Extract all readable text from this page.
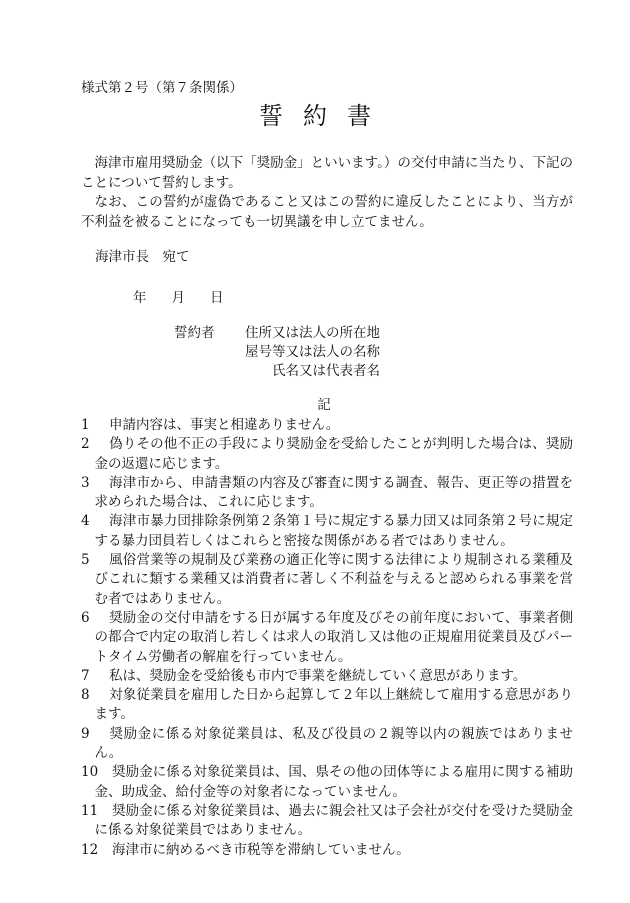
様式第２号（第７条関係）
誓約書

海津市雇用奨励金（以下「奨励金」といいます。）の交付申請に当たり、下記のことについて誓約します。

なお、この誓約が虚偽であること又はこの誓約に違反したことにより、当方が不利益を被ることになっても一切異議を申し立てません。

海津市長　宛て
年 月 日
誓約者	住所又は法人の所在地
屋号等又は法人の名称
氏名又は代表者名
記
1 申請内容は、事実と相違ありません。
2 偽りその他不正の手段により奨励金を受給したことが判明した場合は、奨励金の返還に応じます。
3 海津市から、申請書類の内容及び審査に関する調査、報告、更正等の措置を求められた場合は、これに応じます。
4 海津市暴力団排除条例第２条第１号に規定する暴力団又は同条第２号に規定する暴力団員若しくはこれらと密接な関係がある者ではありません。
5 風俗営業等の規制及び業務の適正化等に関する法律により規制される業種及びこれに類する業種又は消費者に著しく不利益を与えると認められる事業を営む者ではありません。
6 奨励金の交付申請をする日が属する年度及びその前年度において、事業者側の都合で内定の取消し若しくは求人の取消し又は他の正規雇用従業員及びパートタイム労働者の解雇を行っていません。
7 私は、奨励金を受給後も市内で事業を継続していく意思があります。
8 対象従業員を雇用した日から起算して２年以上継続して雇用する意思があります。
9 奨励金に係る対象従業員は、私及び役員の２親等以内の親族ではありません。
10 奨励金に係る対象従業員は、国、県その他の団体等による雇用に関する補助金、助成金、給付金等の対象者になっていません。
11 奨励金に係る対象従業員は、過去に親会社又は子会社が交付を受けた奨励金に係る対象従業員ではありません。
12 海津市に納めるべき市税等を滞納していません。
